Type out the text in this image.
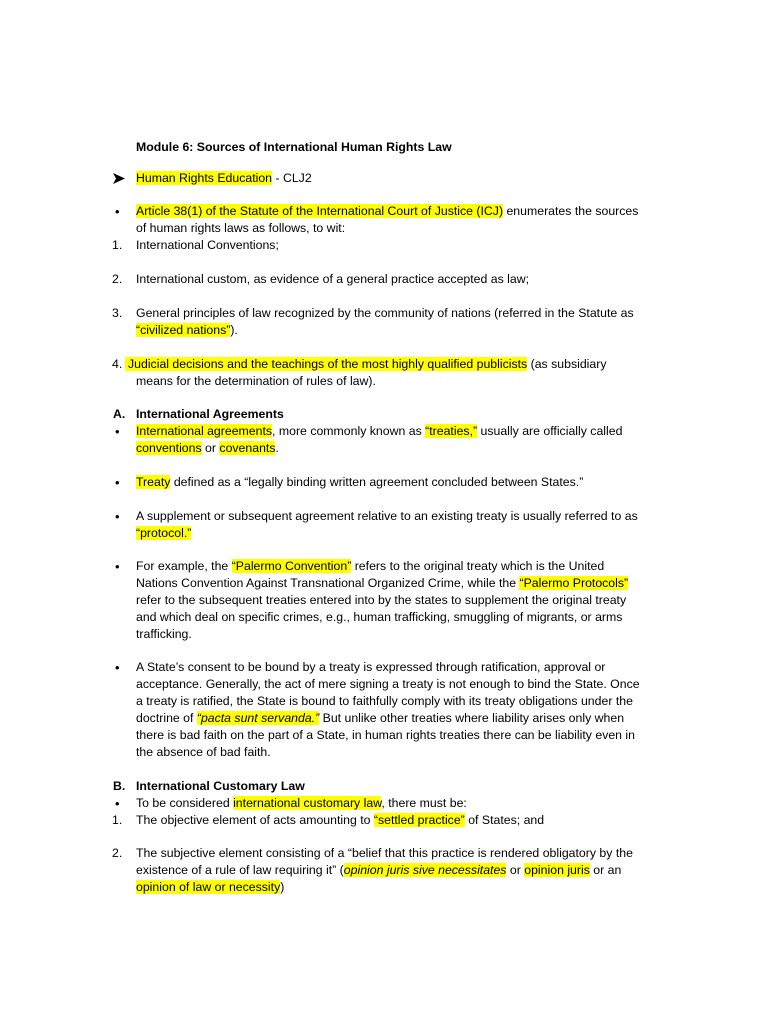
Module 6: Sources of International Human Rights Law
Human Rights Education - CLJ2
• Article 38(1) of the Statute of the International Court of Justice (ICJ) enumerates the sources
of human rights laws as follows, to wit:
1. International Conventions;
2. International custom, as evidence of a general practice accepted as law;
3. General principles of law recognized by the community of nations (referred in the Statute as
“civilized nations”).
4. Judicial decisions and the teachings of the most highly qualified publicists (as subsidiary
means for the determination of rules of law).
A. International Agreements
• International agreements, more commonly known as “treaties,” usually are officially called
conventions or covenants.
• Treaty defined as a “legally binding written agreement concluded between States.”
• A supplement or subsequent agreement relative to an existing treaty is usually referred to as
“protocol.”
• For example, the “Palermo Convention” refers to the original treaty which is the United
Nations Convention Against Transnational Organized Crime, while the “Palermo Protocols”
refer to the subsequent treaties entered into by the states to supplement the original treaty
and which deal on specific crimes, e.g., human trafficking, smuggling of migrants, or arms
trafficking.
• A State’s consent to be bound by a treaty is expressed through ratification, approval or
acceptance. Generally, the act of mere signing a treaty is not enough to bind the State. Once
a treaty is ratified, the State is bound to faithfully comply with its treaty obligations under the
doctrine of “pacta sunt servanda.” But unlike other treaties where liability arises only when
there is bad faith on the part of a State, in human rights treaties there can be liability even in
the absence of bad faith.
B. International Customary Law
• To be considered international customary law, there must be:
1. The objective element of acts amounting to “settled practice” of States; and
2. The subjective element consisting of a “belief that this practice is rendered obligatory by the
existence of a rule of law requiring it” (opinion juris sive necessitates or opinion juris or an
opinion of law or necessity)
